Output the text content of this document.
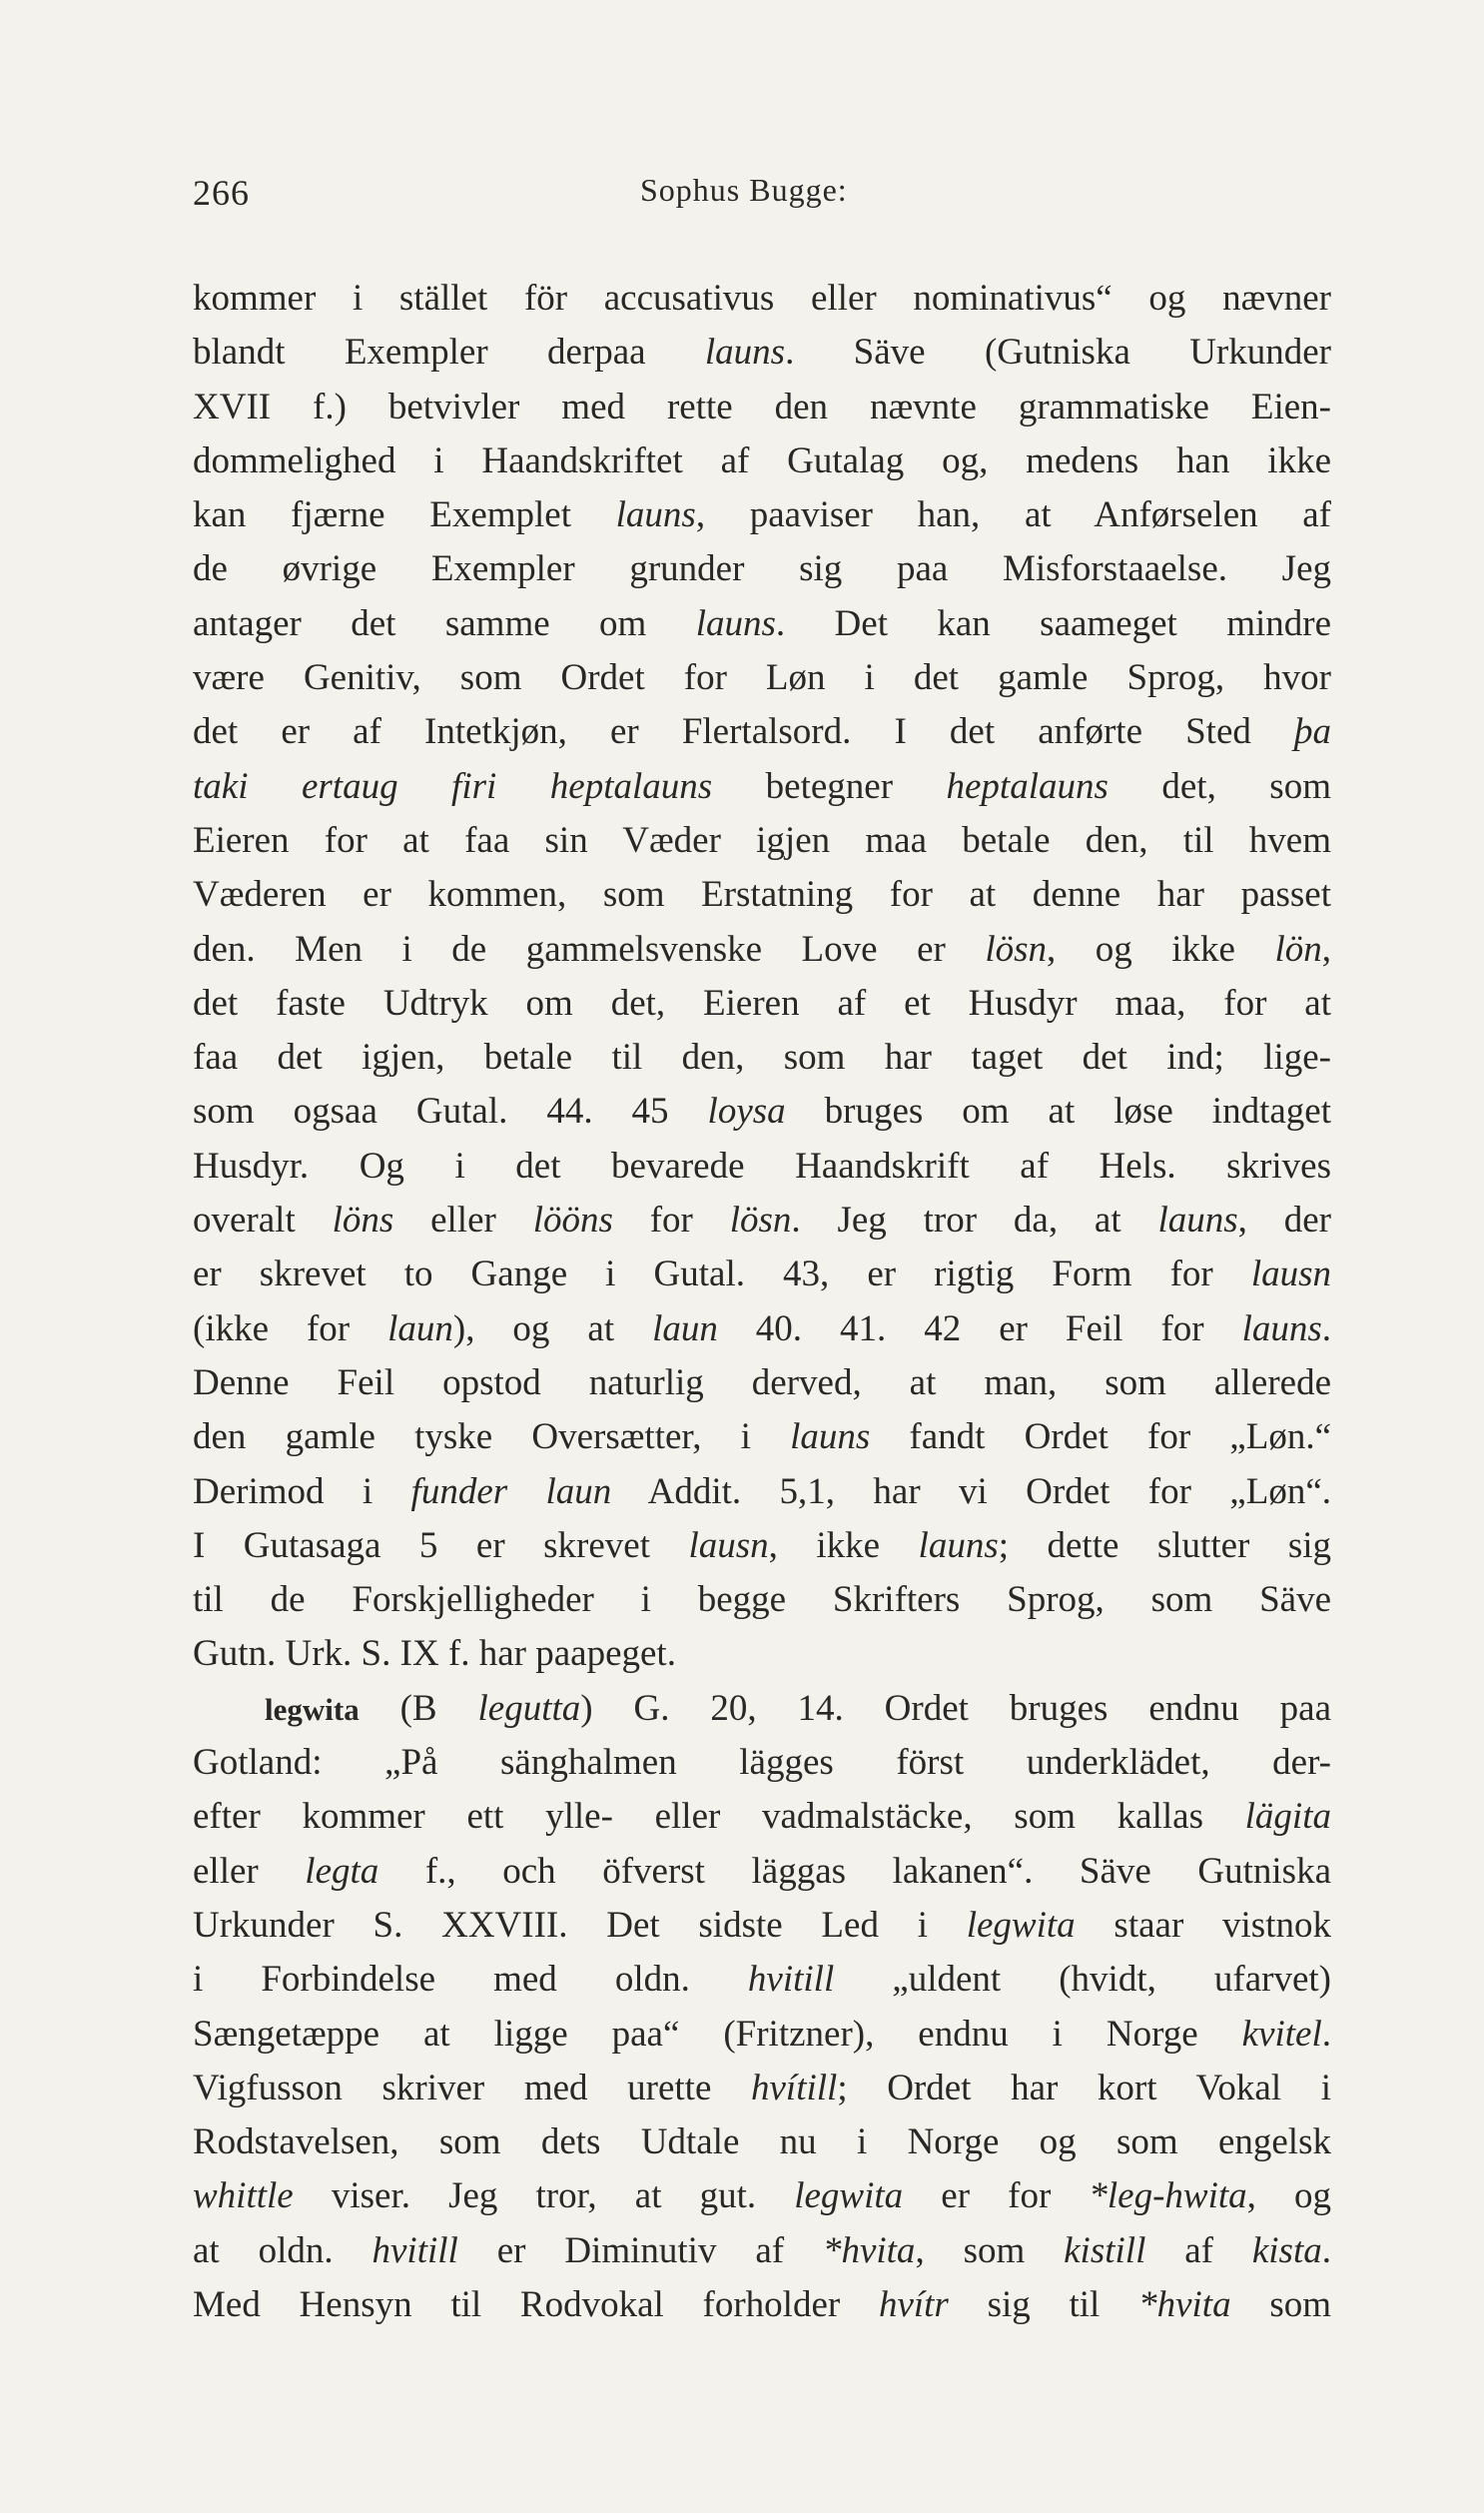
266	Sophus Bugge:
kommer i stället för accusativus eller nominativus“ og nævner
blandt Exempler derpaa launs. Säve (Gutniska Urkunder
XVII f.) betvivler med rette den nævnte grammatiske Eien-
dommelighed i Haandskriftet af Gutalag og, medens han ikke
kan fjærne Exemplet launs, paaviser han, at Anførselen af
de øvrige Exempler grunder sig paa Misforstaaelse. Jeg
antager det samme om launs. Det kan saameget mindre
være Genitiv, som Ordet for Løn i det gamle Sprog, hvor
det er af Intetkjøn, er Flertalsord. I det anførte Sted þa
taki ertaug firi heptalauns betegner heptalauns det, som
Eieren for at faa sin Væder igjen maa betale den, til hvem
Væderen er kommen, som Erstatning for at denne har passet
den. Men i de gammelsvenske Love er lösn, og ikke lön,
det faste Udtryk om det, Eieren af et Husdyr maa, for at
faa det igjen, betale til den, som har taget det ind; lige-
som ogsaa Gutal. 44. 45 loysa bruges om at løse indtaget
Husdyr. Og i det bevarede Haandskrift af Hels. skrives
overalt löns eller lööns for lösn. Jeg tror da, at launs, der
er skrevet to Gange i Gutal. 43, er rigtig Form for lausn
(ikke for laun), og at laun 40. 41. 42 er Feil for launs.
Denne Feil opstod naturlig derved, at man, som allerede
den gamle tyske Oversætter, i launs fandt Ordet for „Løn.“
Derimod i funder laun Addit. 5,1, har vi Ordet for „Løn“.
I Gutasaga 5 er skrevet lausn, ikke launs; dette slutter sig
til de Forskjelligheder i begge Skrifters Sprog, som Säve
Gutn. Urk. S. IX f. har paapeget.
legwita (B legutta) G. 20, 14. Ordet bruges endnu paa
Gotland: „På sänghalmen lägges först underklädet, der-
efter kommer ett ylle- eller vadmalstäcke, som kallas lägita
eller legta f., och öfverst läggas lakanen“. Säve Gutniska
Urkunder S. XXVIII. Det sidste Led i legwita staar vistnok
i Forbindelse med oldn. hvitill „uldent (hvidt, ufarvet)
Sængetæppe at ligge paa“ (Fritzner), endnu i Norge kvitel.
Vigfusson skriver med urette hvítill; Ordet har kort Vokal i
Rodstavelsen, som dets Udtale nu i Norge og som engelsk
whittle viser. Jeg tror, at gut. legwita er for *leg-hwita, og
at oldn. hvitill er Diminutiv af *hvita, som kistill af kista.
Med Hensyn til Rodvokal forholder hvítr sig til *hvita som
